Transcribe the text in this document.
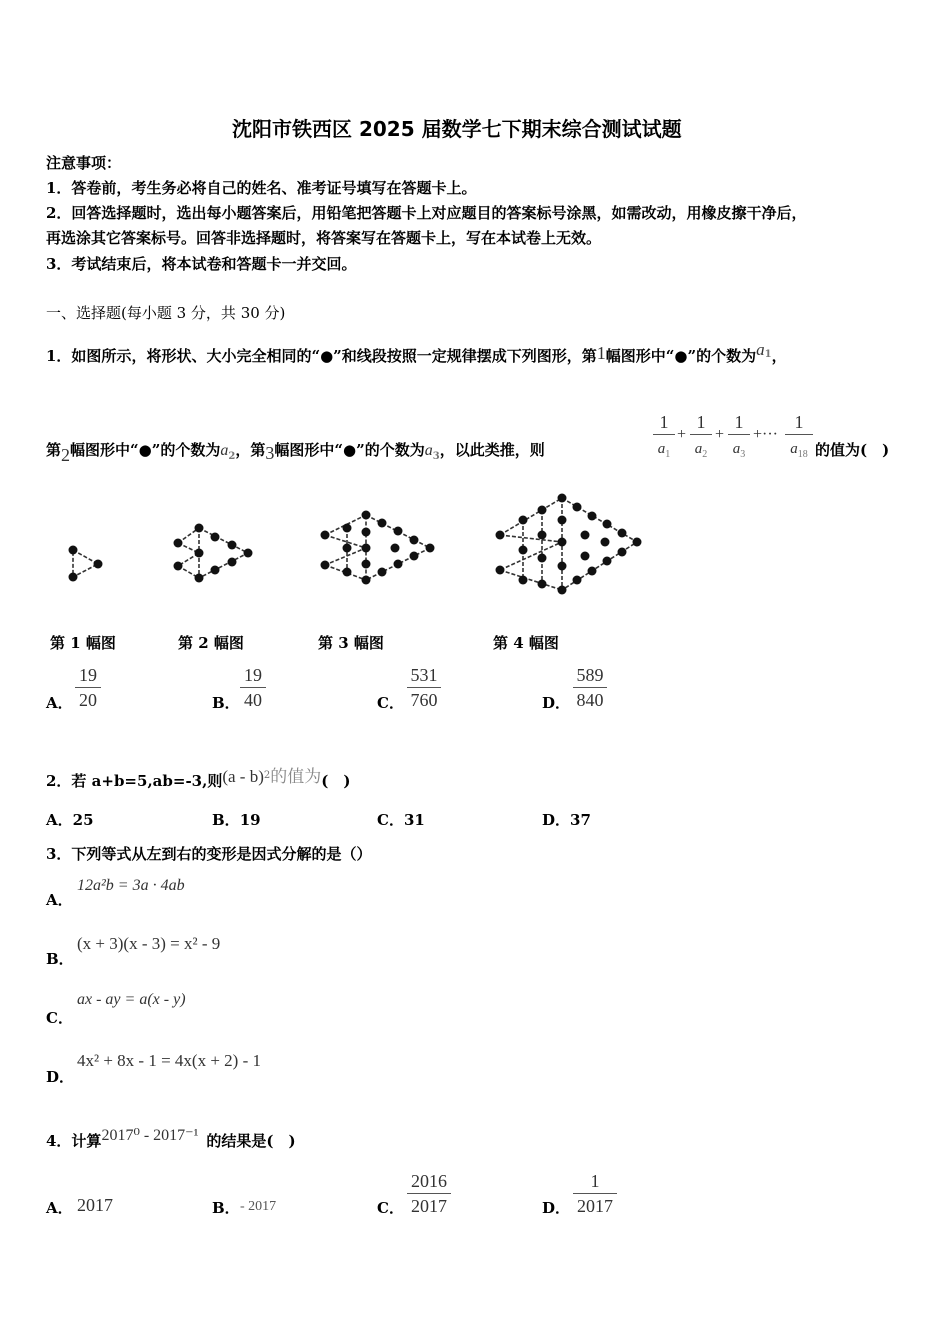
沈阳市铁西区 2025 届数学七下期末综合测试试题
注意事项：
1．答卷前，考生务必将自己的姓名、准考证号填写在答题卡上。
2．回答选择题时，选出每小题答案后，用铅笔把答题卡上对应题目的答案标号涂黑，如需改动，用橡皮擦干净后，
再选涂其它答案标号。回答非选择题时，将答案写在答题卡上，写在本试卷上无效。
3．考试结束后，将本试卷和答题卡一并交回。
一、选择题(每小题 3 分，共 30 分)
1．如图所示，将形状、大小完全相同的“●”和线段按照一定规律摆成下列图形，第1幅图形中“●”的个数为$a^1$，
第2幅图形中“●”的个数为$a_2$，第3幅图形中“●”的个数为$a_3$，以此类推，则
1
$a_1$
+
1
$a_2$
+
1
$a_3$
+···
1
$a_{18}$ 的值为(　)
第 1 幅图	第 2 幅图	第 3 幅图	第 4 幅图
A．
19
20	B．
19
40	C．
531
760	D．
589
840
2．若 a+b=5,ab=-3,则(a - b)$^2$的值为(　)
A．25	B．19	C．31	D．37
3．下列等式从左到右的变形是因式分解的是（）
A．
12a²b = 3a · 4ab
B．
(x + 3)(x - 3) = x² - 9
C．
ax - ay = a(x - y)
D．
4x² + 8x - 1 = 4x(x + 2) - 1
4．计算2017⁰ - 2017⁻¹ 的结果是(　)
A． 2017	B． - 2017	C．
2016
2017	D．
1
2017
